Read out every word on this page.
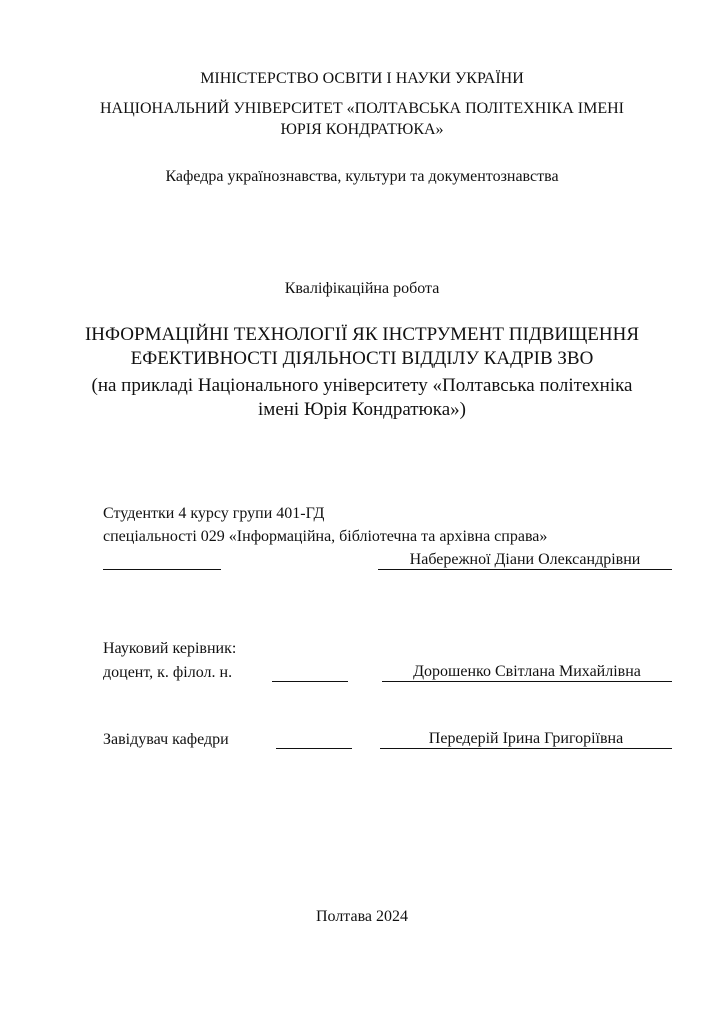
МІНІСТЕРСТВО ОСВІТИ І НАУКИ УКРАЇНИ
НАЦІОНАЛЬНИЙ УНІВЕРСИТЕТ «ПОЛТАВСЬКА ПОЛІТЕХНІКА ІМЕНІ
ЮРІЯ КОНДРАТЮКА»
Кафедра українознавства, культури та документознавства
Кваліфікаційна робота
ІНФОРМАЦІЙНІ ТЕХНОЛОГІЇ ЯК ІНСТРУМЕНТ ПІДВИЩЕННЯ
ЕФЕКТИВНОСТІ ДІЯЛЬНОСТІ ВІДДІЛУ КАДРІВ ЗВО
(на прикладі Національного університету «Полтавська політехніка
імені Юрія Кондратюка»)
Студентки 4 курсу групи 401-ГД
спеціальності 029 «Інформаційна, бібліотечна та архівна справа»
Набережної Діани Олександрівни
Науковий керівник:
доцент, к. філол. н.	Дорошенко Світлана Михайлівна
Завідувач кафедри	Передерій Ірина Григоріївна
Полтава 2024
